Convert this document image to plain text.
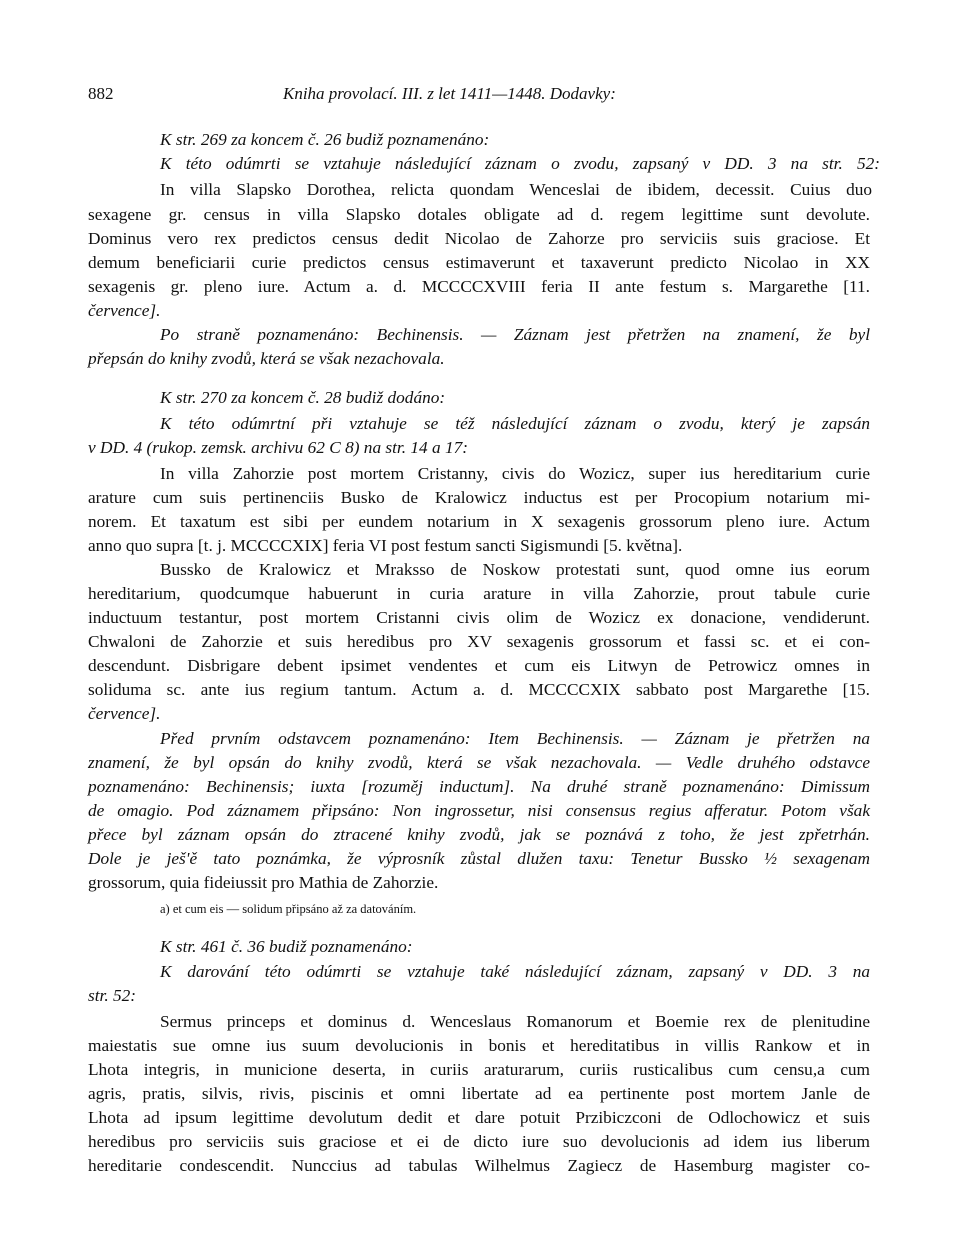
882	Kniha provolací. III. z let 1411—1448. Dodavky:
K str. 269 za koncem č. 26 budiž poznamenáno:
K této odúmrti se vztahuje následující záznam o zvodu, zapsaný v DD. 3 na str. 52:
In villa Slapsko Dorothea, relicta quondam Wenceslai de ibidem, decessit. Cuius duo
sexagene gr. census in villa Slapsko dotales obligate ad d. regem legittime sunt devolute.
Dominus vero rex predictos census dedit Nicolao de Zahorze pro serviciis suis graciose. Et
demum beneficiarii curie predictos census estimaverunt et taxaverunt predicto Nicolao in XX
sexagenis gr. pleno iure. Actum a. d. MCCCCXVIII feria II ante festum s. Margarethe [11.
července].
Po straně poznamenáno: Bechinensis. — Záznam jest přetržen na znamení, že byl
přepsán do knihy zvodů, která se však nezachovala.
K str. 270 za koncem č. 28 budiž dodáno:
K této odúmrtní při vztahuje se též následující záznam o zvodu, který je zapsán
v DD. 4 (rukop. zemsk. archivu 62 C 8) na str. 14 a 17:
In villa Zahorzie post mortem Cristanny, civis do Wozicz, super ius hereditarium curie
arature cum suis pertinenciis Busko de Kralowicz inductus est per Procopium notarium mi-
norem. Et taxatum est sibi per eundem notarium in X sexagenis grossorum pleno iure. Actum
anno quo supra [t. j. MCCCCXIX] feria VI post festum sancti Sigismundi [5. května].
Bussko de Kralowicz et Mraksso de Noskow protestati sunt, quod omne ius eorum
hereditarium, quodcumque habuerunt in curia arature in villa Zahorzie, prout tabule curie
inductuum testantur, post mortem Cristanni civis olim de Wozicz ex donacione, vendiderunt.
Chwaloni de Zahorzie et suis heredibus pro XV sexagenis grossorum et fassi sc. et ei con-
descendunt. Disbrigare debent ipsimet vendentes et cum eis Litwyn de Petrowicz omnes in
soliduma sc. ante ius regium tantum. Actum a. d. MCCCCXIX sabbato post Margarethe [15.
července].
Před prvním odstavcem poznamenáno: Item Bechinensis. — Záznam je přetržen na
znamení, že byl opsán do knihy zvodů, která se však nezachovala. — Vedle druhého odstavce
poznamenáno: Bechinensis; iuxta [rozuměj inductum]. Na druhé straně poznamenáno: Dimissum
de omagio. Pod záznamem připsáno: Non ingrossetur, nisi consensus regius afferatur. Potom však
přece byl záznam opsán do ztracené knihy zvodů, jak se poznává z toho, že jest zpřetrhán.
Dole je ješ'ě tato poznámka, že výprosník zůstal dlužen taxu: Tenetur Bussko ½ sexagenam
grossorum, quia fideiussit pro Mathia de Zahorzie.
a) et cum eis — solidum připsáno až za datováním.
K str. 461 č. 36 budiž poznamenáno:
K darování této odúmrti se vztahuje také následující záznam, zapsaný v DD. 3 na
str. 52:
Sermus princeps et dominus d. Wenceslaus Romanorum et Boemie rex de plenitudine
maiestatis sue omne ius suum devolucionis in bonis et hereditatibus in villis Rankow et in
Lhota integris, in municione deserta, in curiis araturarum, curiis rusticalibus cum censu,a cum
agris, pratis, silvis, rivis, piscinis et omni libertate ad ea pertinente post mortem Janle de
Lhota ad ipsum legittime devolutum dedit et dare potuit Przibiczconi de Odlochowicz et suis
heredibus pro serviciis suis graciose et ei de dicto iure suo devolucionis ad idem ius liberum
hereditarie condescendit. Nunccius ad tabulas Wilhelmus Zagiecz de Hasemburg magister co-
